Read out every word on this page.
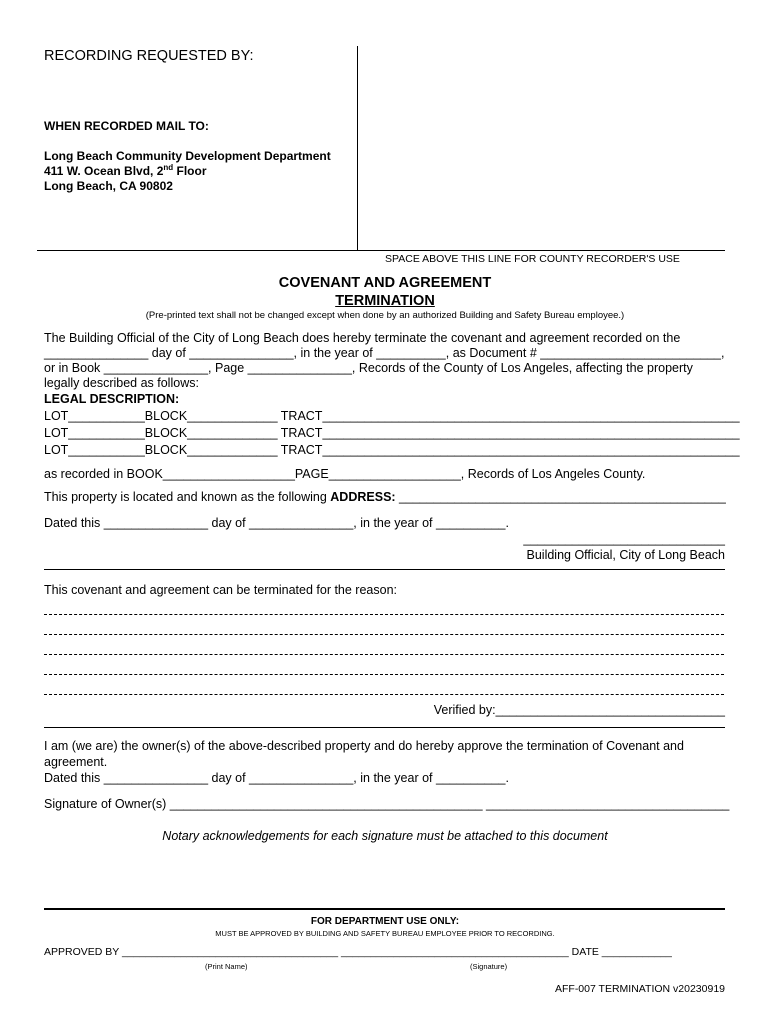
RECORDING REQUESTED BY:
WHEN RECORDED MAIL TO:
Long Beach Community Development Department
411 W. Ocean Blvd, 2nd Floor
Long Beach, CA 90802
SPACE ABOVE THIS LINE FOR COUNTY RECORDER'S USE
COVENANT AND AGREEMENT
TERMINATION
(Pre-printed text shall not be changed except when done by an authorized Building and Safety Bureau employee.)
The Building Official of the City of Long Beach does hereby terminate the covenant and agreement recorded on the
_______________ day of _______________, in the year of __________, as Document # __________________________,
or in Book _______________, Page _______________, Records of the County of Los Angeles, affecting the property
legally described as follows:
LEGAL DESCRIPTION:
LOT___________BLOCK_____________ TRACT____________________________________________________________
LOT___________BLOCK_____________ TRACT____________________________________________________________
LOT___________BLOCK_____________ TRACT____________________________________________________________
as recorded in BOOK___________________PAGE___________________, Records of Los Angeles County.
This property is located and known as the following ADDRESS: _______________________________________________
Dated this _______________ day of _______________, in the year of __________.
_____________________________
Building Official, City of Long Beach
This covenant and agreement can be terminated for the reason:
Verified by:_________________________________
I am (we are) the owner(s) of the above-described property and do hereby approve the termination of Covenant and
agreement.
Dated this _______________ day of _______________, in the year of __________.
Signature of Owner(s) _____________________________________________ ___________________________________
Notary acknowledgements for each signature must be attached to this document
FOR DEPARTMENT USE ONLY:
MUST BE APPROVED BY BUILDING AND SAFETY BUREAU EMPLOYEE PRIOR TO RECORDING.
APPROVED BY _____________________________________ _______________________________________ DATE ____________
(Print Name)	(Signature)
AFF-007 TERMINATION v20230919
